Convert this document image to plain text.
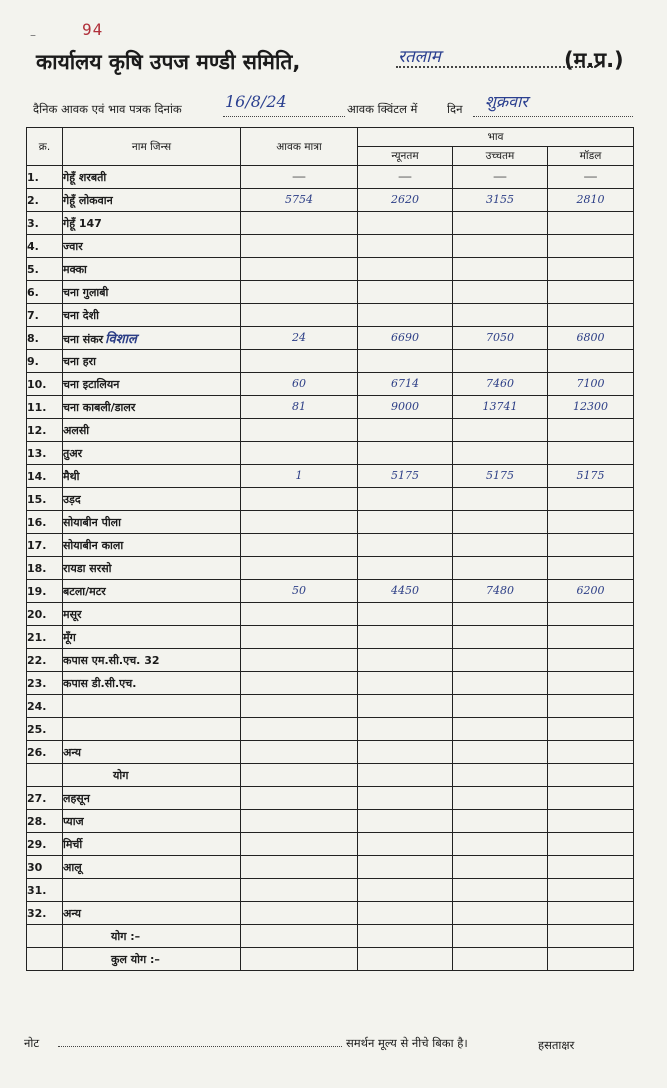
–	94
कार्यालय कृषि उपज मण्डी समिति,	रतलाम	(म.प्र.)
दैनिक आवक एवं भाव पत्रक दिनांक	16/8/24	आवक क्विंटल में	दिन शुक्रवार
क्र.	नाम जिन्स	आवक मात्रा	भाव		
			न्यूनतम	उच्चतम	मॉडल
1.	गेहूँ शरबती	—	—	—	—
2.	गेहूँ लोकवान	5754	2620	3155	2810
3.	गेहूँ 147				
4.	ज्वार				
5.	मक्का				
6.	चना गुलाबी				
7.	चना देशी				
8.	चना संकर विशाल	24	6690	7050	6800
9.	चना हरा				
10.	चना इटालियन	60	6714	7460	7100
11.	चना काबली/डालर	81	9000	13741	12300
12.	अलसी				
13.	तुअर				
14.	मैथी	1	5175	5175	5175
15.	उड़द				
16.	सोयाबीन पीला				
17.	सोयाबीन काला				
18.	रायडा सरसो				
19.	बटला/मटर	50	4450	7480	6200
20.	मसूर				
21.	मूँग				
22.	कपास एम.सी.एच. 32				
23.	कपास डी.सी.एच.				
24.					
25.					
26.	अन्य				
	योग				
27.	लहसून				
28.	प्याज				
29.	मिर्ची				
30	आलू				
31.					
32.	अन्य				
	योग :–				
	कुल योग :–				
नोट	समर्थन मूल्य से नीचे बिका है।	हसताक्षर
